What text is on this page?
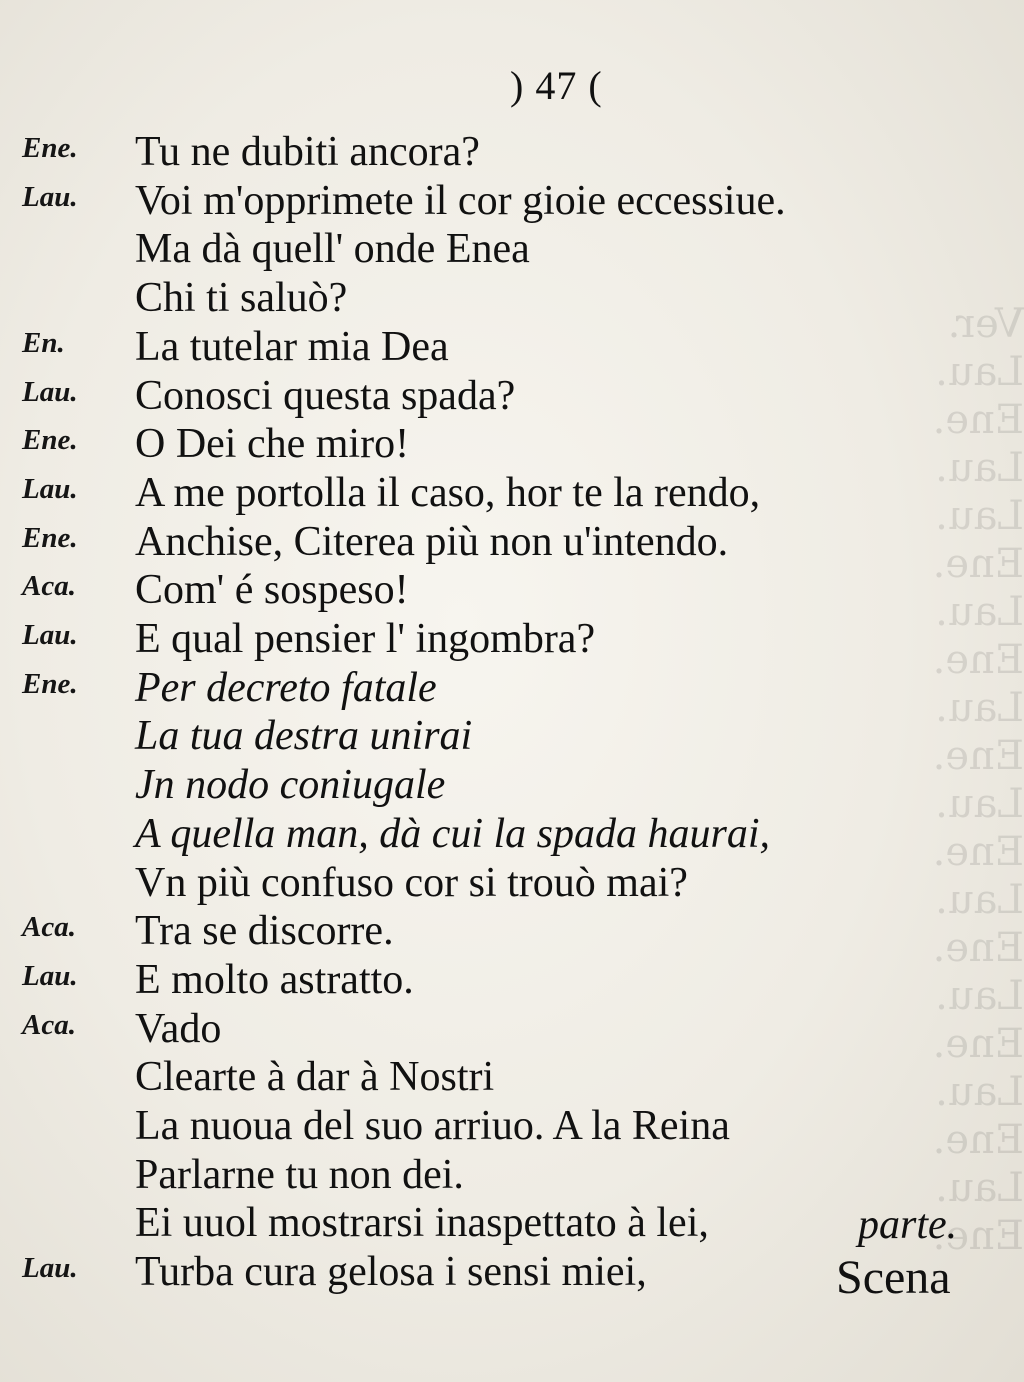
Ver.
Lau.
Ene.
Lau.
Lau.
Ene.
Lau.
Ene.
Lau.
Ene.
Lau.
Ene.
Lau.
Ene.
Lau.
Ene.
Lau.
Ene.
Lau.
Ene.
) 47 (
Ene. Tu ne dubiti ancora?
Lau. Voi m'opprimete il cor gioie eccessiue.
Ma dà quell' onde Enea
Chi ti saluò?
En. La tutelar mia Dea
Lau. Conosci questa spada?
Ene. O Dei che miro!
Lau. A me portolla il caso, hor te la rendo,
Ene. Anchise, Citerea più non u'intendo.
Aca. Com' é sospeso!
Lau. E qual pensier l' ingombra?
Ene. Per decreto fatale
La tua destra unirai
Jn nodo coniugale
A quella man, dà cui la spada haurai,
Vn più confuso cor si trouò mai?
Aca. Tra se discorre.
Lau. E molto astratto.
Aca. Vado
Clearte à dar à Nostri
La nuoua del suo arriuo. A la Reina
Parlarne tu non dei.
Ei uuol mostrarsi inaspettato à lei,	parte.
Lau. Turba cura gelosa i sensi miei,	Scena
